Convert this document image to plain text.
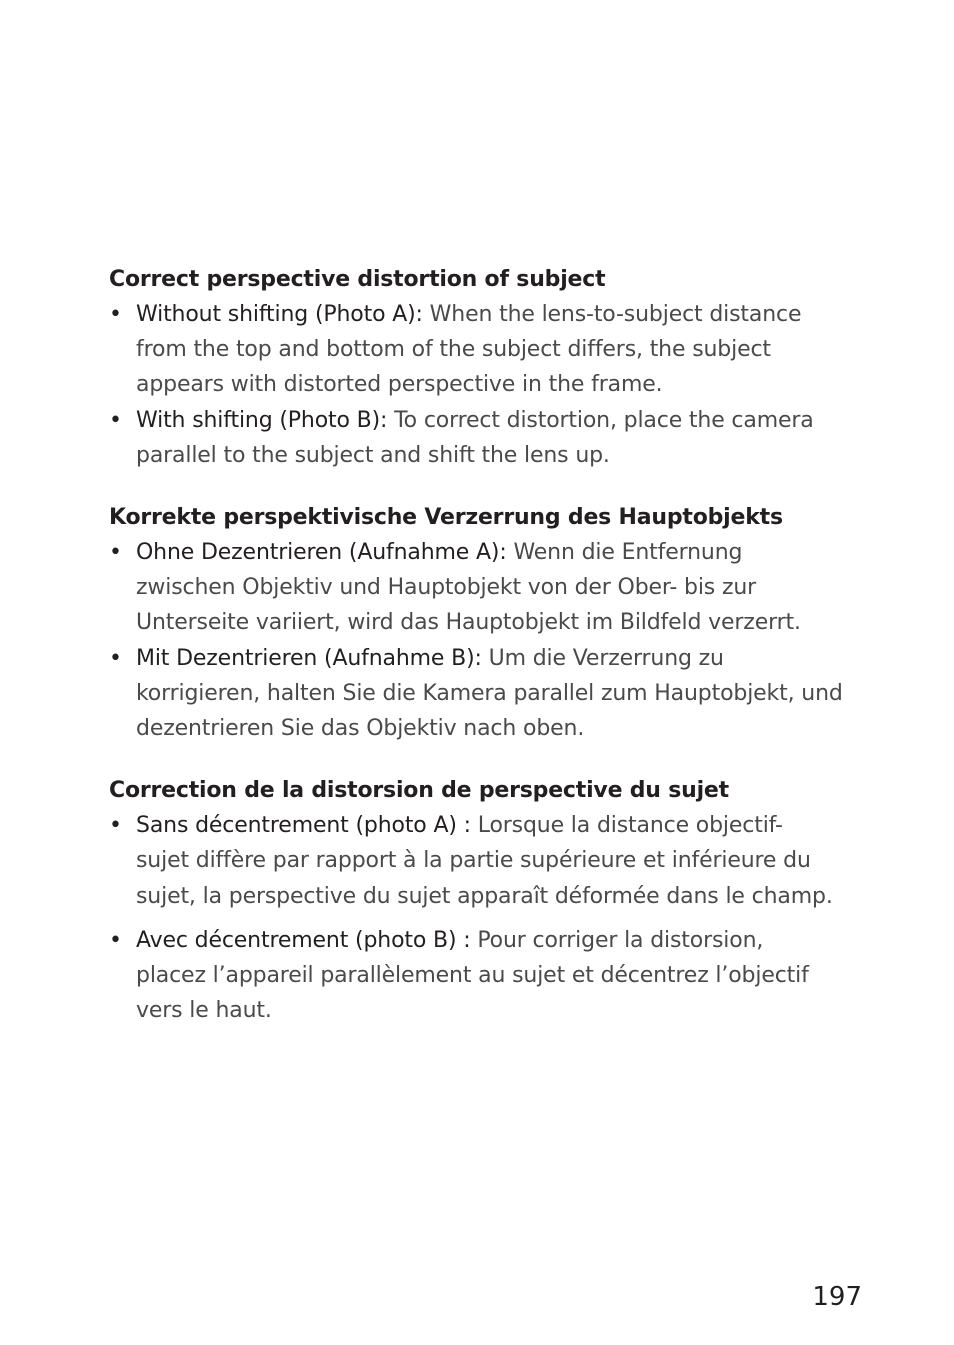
Correct perspective distortion of subject
• Without shifting (Photo A): When the lens-to-subject distance
from the top and bottom of the subject differs, the subject
appears with distorted perspective in the frame.
• With shifting (Photo B): To correct distortion, place the camera
parallel to the subject and shift the lens up.
Korrekte perspektivische Verzerrung des Hauptobjekts
• Ohne Dezentrieren (Aufnahme A): Wenn die Entfernung
zwischen Objektiv und Hauptobjekt von der Ober- bis zur
Unterseite variiert, wird das Hauptobjekt im Bildfeld verzerrt.
• Mit Dezentrieren (Aufnahme B): Um die Verzerrung zu
korrigieren, halten Sie die Kamera parallel zum Hauptobjekt, und
dezentrieren Sie das Objektiv nach oben.
Correction de la distorsion de perspective du sujet
• Sans décentrement (photo A) : Lorsque la distance objectif-
sujet diffère par rapport à la partie supérieure et inférieure du
sujet, la perspective du sujet apparaît déformée dans le champ.
• Avec décentrement (photo B) : Pour corriger la distorsion,
placez l’appareil parallèlement au sujet et décentrez l’objectif
vers le haut.
197
